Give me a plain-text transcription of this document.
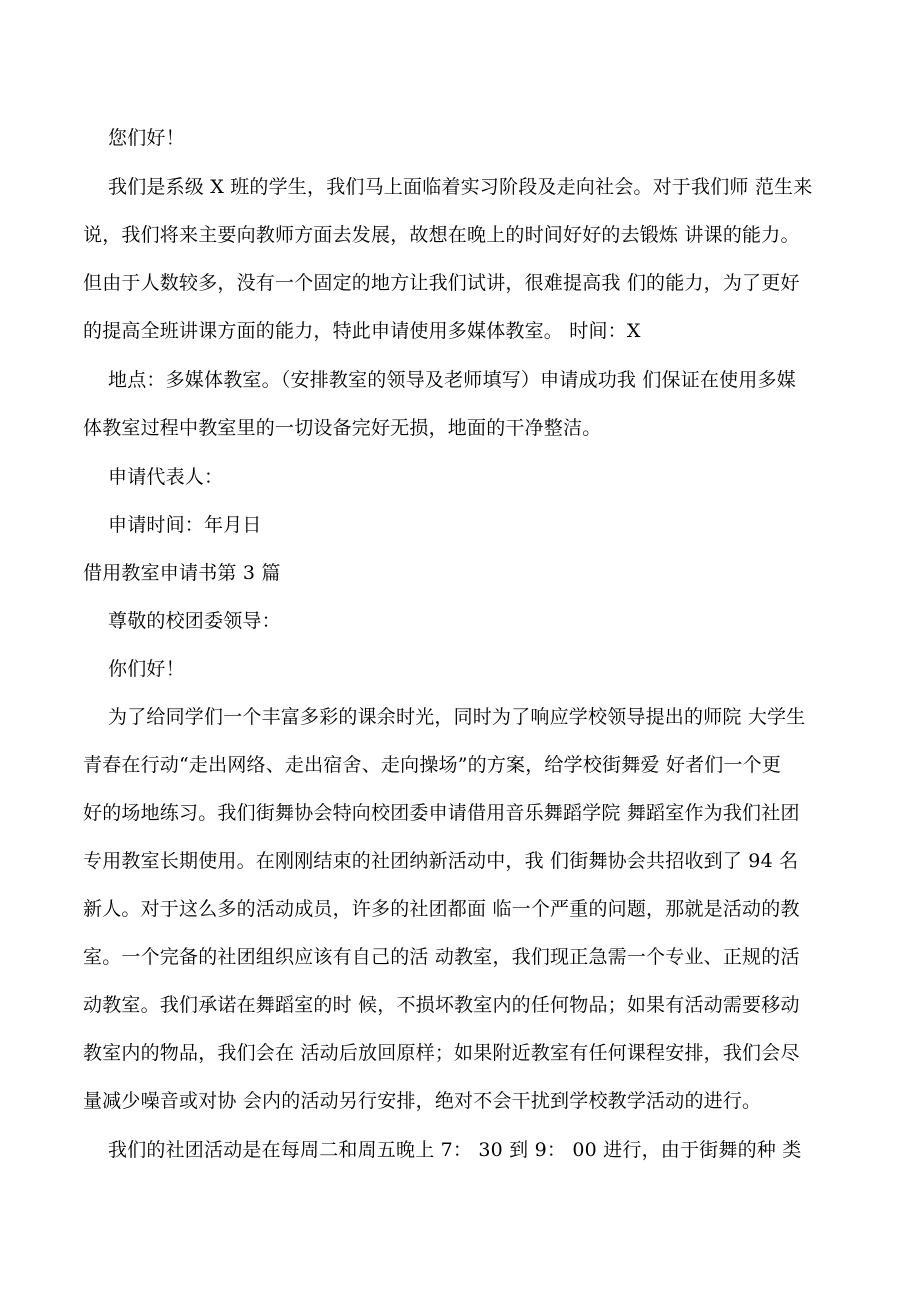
您们好！
我们是系级 X 班的学生，我们马上面临着实习阶段及走向社会。对于我们师 范生来
说，我们将来主要向教师方面去发展，故想在晚上的时间好好的去锻炼 讲课的能力。
但由于人数较多，没有一个固定的地方让我们试讲，很难提高我 们的能力，为了更好
的提高全班讲课方面的能力，特此申请使用多媒体教室。 时间：X
地点：多媒体教室。（安排教室的领导及老师填写）申请成功我 们保证在使用多媒
体教室过程中教室里的一切设备完好无损，地面的干净整洁。
申请代表人：
申请时间：年月日
借用教室申请书第 3 篇
尊敬的校团委领导：
你们好！
为了给同学们一个丰富多彩的课余时光，同时为了响应学校领导提出的师院 大学生
青春在行动“走出网络、走出宿舍、走向操场”的方案，给学校街舞爱 好者们一个更
好的场地练习。我们街舞协会特向校团委申请借用音乐舞蹈学院 舞蹈室作为我们社团
专用教室长期使用。在刚刚结束的社团纳新活动中，我 们街舞协会共招收到了 94 名
新人。对于这么多的活动成员，许多的社团都面 临一个严重的问题，那就是活动的教
室。一个完备的社团组织应该有自己的活 动教室，我们现正急需一个专业、正规的活
动教室。我们承诺在舞蹈室的时 候，不损坏教室内的任何物品；如果有活动需要移动
教室内的物品，我们会在 活动后放回原样；如果附近教室有任何课程安排，我们会尽
量减少噪音或对协 会内的活动另行安排，绝对不会干扰到学校教学活动的进行。
我们的社团活动是在每周二和周五晚上 7： 30 到 9： 00 进行，由于街舞的种 类
